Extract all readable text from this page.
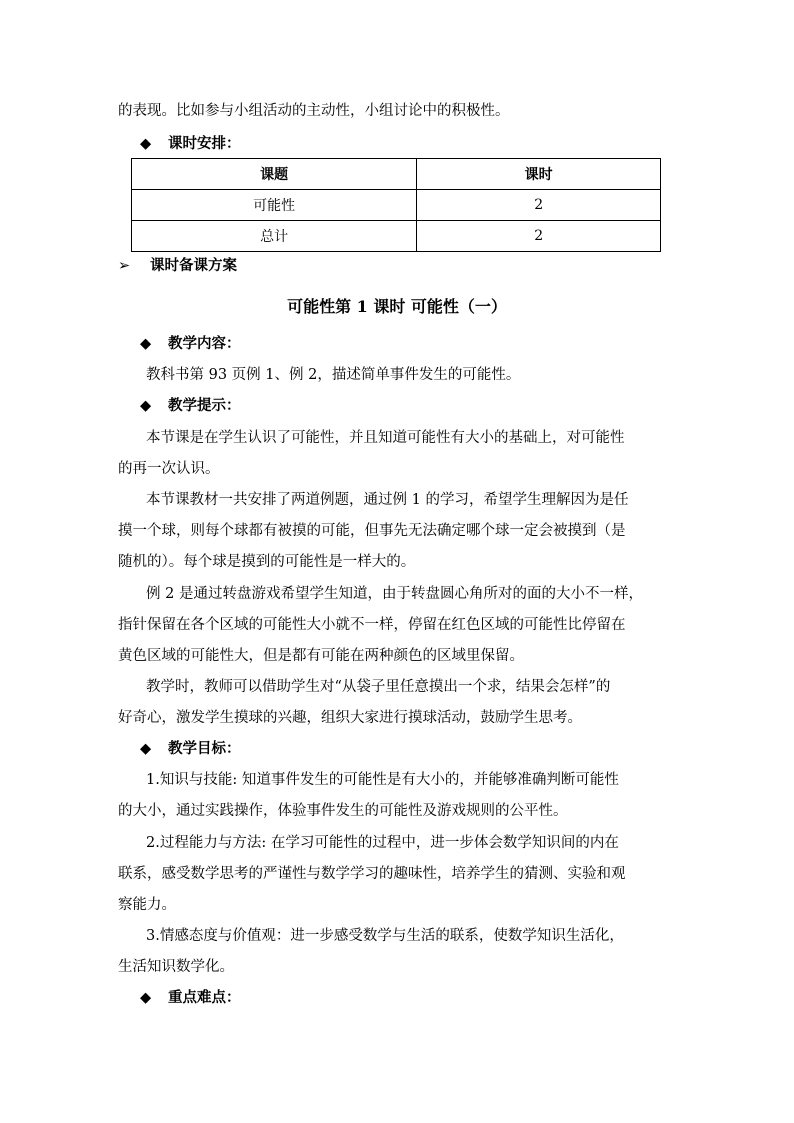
的表现。比如参与小组活动的主动性，小组讨论中的积极性。
◆ 课时安排：
课题	课时
可能性	2
总计	2
➢ 课时备课方案
可能性第 1 课时 可能性（一）
◆ 教学内容：
教科书第 93 页例 1、例 2，描述简单事件发生的可能性。
◆ 教学提示：
本节课是在学生认识了可能性，并且知道可能性有大小的基础上，对可能性
的再一次认识。
本节课教材一共安排了两道例题，通过例 1 的学习，希望学生理解因为是任
摸一个球，则每个球都有被摸的可能，但事先无法确定哪个球一定会被摸到（是
随机的）。每个球是摸到的可能性是一样大的。
例 2 是通过转盘游戏希望学生知道，由于转盘圆心角所对的面的大小不一样，
指针保留在各个区域的可能性大小就不一样，停留在红色区域的可能性比停留在
黄色区域的可能性大，但是都有可能在两种颜色的区域里保留。
教学时，教师可以借助学生对“从袋子里任意摸出一个求，结果会怎样”的
好奇心，激发学生摸球的兴趣，组织大家进行摸球活动，鼓励学生思考。
◆ 教学目标：
1.知识与技能: 知道事件发生的可能性是有大小的，并能够准确判断可能性
的大小，通过实践操作，体验事件发生的可能性及游戏规则的公平性。
2.过程能力与方法: 在学习可能性的过程中，进一步体会数学知识间的内在
联系，感受数学思考的严谨性与数学学习的趣味性，培养学生的猜测、实验和观
察能力。
3.情感态度与价值观：进一步感受数学与生活的联系，使数学知识生活化，
生活知识数学化。
◆ 重点难点：
